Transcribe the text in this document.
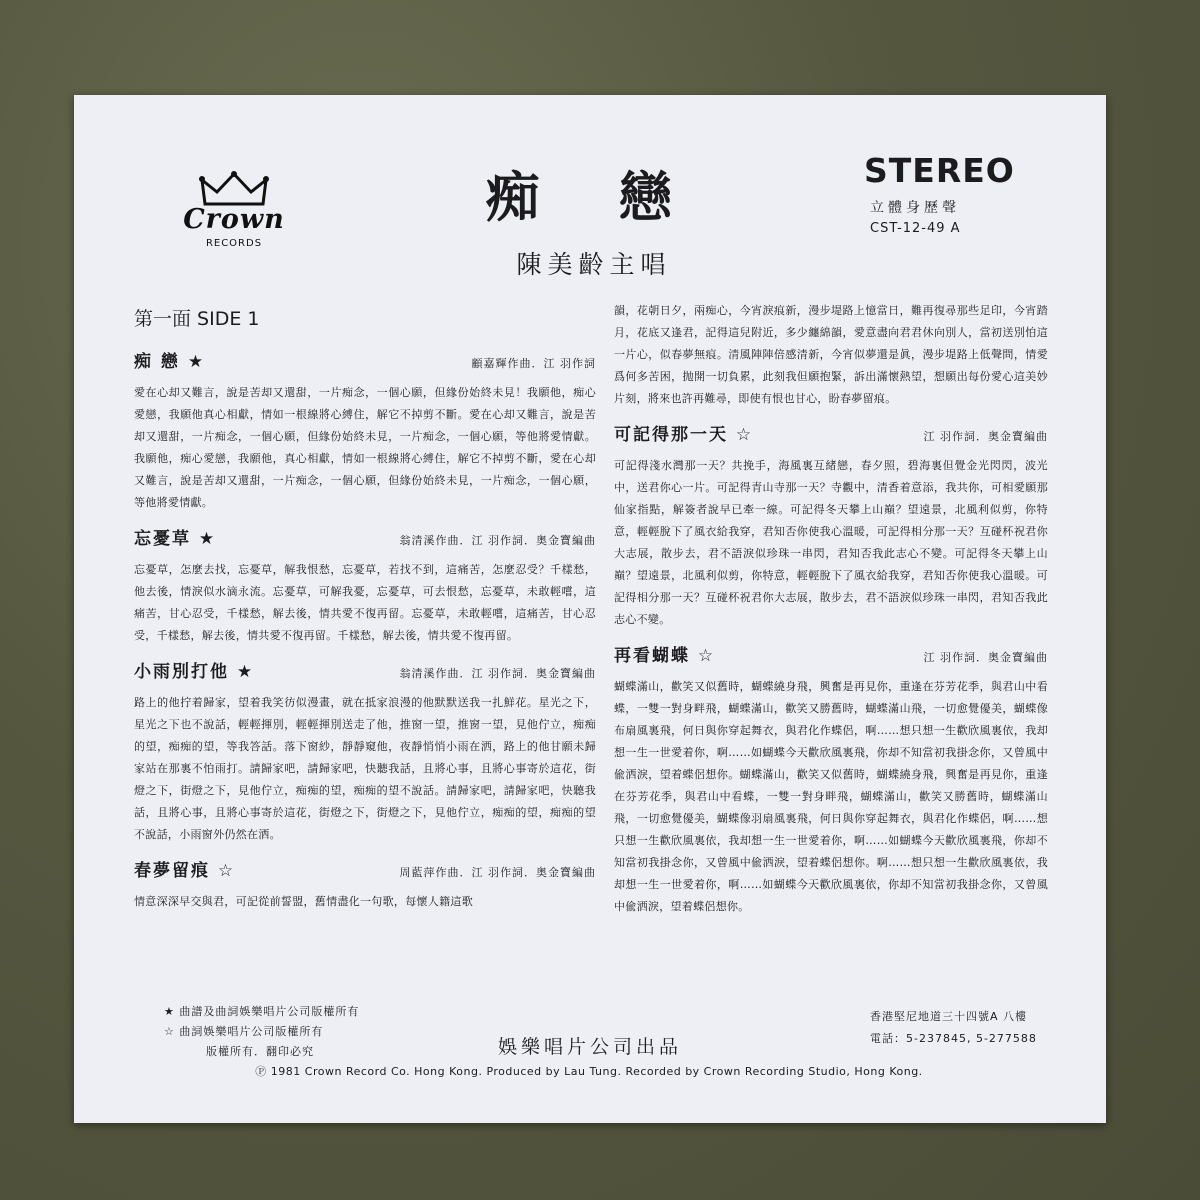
Crown
RECORDS
痴 戀
陳美齡主唱
STEREO
立體身歷聲
CST-12-49 A
第一面 SIDE 1
痴 戀 ★	顧嘉輝作曲．江 羽作詞
愛在心却又難言，說是苦却又還甜，一片痴念，一個心願，但緣份始終未見！我願他，痴心愛戀，我願他真心相獻，情如一根線將心縛住，解它不掉剪不斷。愛在心却又難言，說是苦却又還甜，一片痴念，一個心願，但緣份始終未見，一片痴念，一個心願，等他將愛情獻。我願他，痴心愛戀，我願他，真心相獻，情如一根線將心縛住，解它不掉剪不斷，愛在心却又難言，說是苦却又還甜，一片痴念，一個心願，但緣份始終未見，一片痴念，一個心願，等他將愛情獻。
忘憂草 ★	翁清溪作曲．江 羽作詞．奥金寶編曲
忘憂草，怎麼去找，忘憂草，解我恨愁，忘憂草，若找不到，這痛苦，怎麼忍受？千樣愁，他去後，情淚似水滴永流。忘憂草，可解我憂，忘憂草，可去恨愁，忘憂草，未敢輕嚐，這痛苦，甘心忍受，千樣愁，解去後，情共愛不復再留。忘憂草，未敢輕嚐，這痛苦，甘心忍受，千樣愁，解去後，情共愛不復再留。千樣愁，解去後，情共愛不復再留。
小雨別打他 ★	翁清溪作曲．江 羽作詞．奥金寶編曲
路上的他拧着歸家，望着我笑彷似漫畫，就在抵家浪漫的他默默送我一扎鮮花。星光之下，星光之下也不說話，輕輕揮別，輕輕揮別送走了他，推窗一望，推窗一望，見他佇立，痴痴的望，痴痴的望，等我答話。落下窗紗，靜靜窺他，夜靜悄悄小雨在洒，路上的他甘願未歸家站在那裏不怕雨打。請歸家吧，請歸家吧，快聽我話，且將心事，且將心事寄於這花，街燈之下，街燈之下，見他佇立，痴痴的望，痴痴的望不說話。請歸家吧，請歸家吧，快聽我話，且將心事，且將心事寄於這花，街燈之下，街燈之下，見他佇立，痴痴的望，痴痴的望不說話，小雨窗外仍然在洒。
春夢留痕 ☆	周藍萍作曲．江 羽作詞．奥金寶編曲
情意深深早交與君，可記從前誓盟，舊情盡化一句歌，每懷人籍這歌
韻，花朝日夕，兩痴心，今宵淚痕新，漫步堤路上憶當日，難再復尋那些足印，今宵踏月，花底又逢君，記得這兒附近，多少纏綿韻，愛意盡向君君休向別人，當初送別怕這一片心，似春夢無痕。清風陣陣倍感清新，今宵似夢還是眞，漫步堤路上低聲問，情愛爲何多苦困，抛開一切負累，此刻我但願抱緊，訴出滿懷熱望，想願出每份愛心這美妙片刻，將來也許再難尋，即使有恨也甘心，盼春夢留痕。
可記得那一天 ☆	江 羽作詞．奥金寶編曲
可記得淺水灣那一天？共挽手，海風裏互緒戀，春夕照，碧海裏但覺金光閃閃，波光中，送君你心一片。可記得青山寺那一天？寺觀中，清香着意添，我共你，可相愛願那仙家指點，解簽者說早已牽一線。可記得冬天攀上山巔？望遠景，北風利似剪，你特意，輕輕脫下了風衣給我穿，君知否你使我心溫暖，可記得相分那一天？互碰杯祝君你大志展，散步去，君不語淚似珍珠一串閃，君知否我此志心不變。可記得冬天攀上山巔？望遠景，北風利似剪，你特意，輕輕脫下了風衣給我穿，君知否你使我心溫暖。可記得相分那一天？互碰杯祝君你大志展，散步去，君不語淚似珍珠一串閃，君知否我此志心不變。
再看蝴蝶 ☆	江 羽作詞．奥金寶編曲
蝴蝶滿山，歡笑又似舊時，蝴蝶繞身飛，興奮是再見你，重逢在芬芳花季，與君山中看蝶，一雙一對身畔飛，蝴蝶滿山，歡笑又勝舊時，蝴蝶滿山飛，一切愈覺優美，蝴蝶像布扇風裏飛，何日與你穿起舞衣，與君化作蝶侶，啊……想只想一生歡欣風裏依，我却想一生一世愛着你，啊……如蝴蝶今天歡欣風裏飛，你却不知當初我掛念你，又曾風中偸洒淚，望着蝶侶想你。蝴蝶滿山，歡笑又似舊時，蝴蝶繞身飛，興奮是再見你，重逢在芬芳花季，與君山中看蝶，一雙一對身畔飛，蝴蝶滿山，歡笑又勝舊時，蝴蝶滿山飛，一切愈覺優美，蝴蝶像羽扇風裏飛，何日與你穿起舞衣，與君化作蝶侶，啊……想只想一生歡欣風裏依，我却想一生一世愛着你，啊……如蝴蝶今天歡欣風裏飛，你却不知當初我掛念你，又曾風中偸洒淚，望着蝶侶想你。啊……想只想一生歡欣風裏依，我却想一生一世愛着你，啊……如蝴蝶今天歡欣風裏依，你却不知當初我掛念你，又曾風中偸洒淚，望着蝶侶想你。
★ 曲譜及曲詞娛樂唱片公司版權所有
☆ 曲詞娛樂唱片公司版權所有
版權所有．翻印必究
香港堅尼地道三十四號A 八樓
電話：5-237845, 5-277588
娛樂唱片公司出品
Ⓟ 1981 Crown Record Co. Hong Kong. Produced by Lau Tung. Recorded by Crown Recording Studio, Hong Kong.
